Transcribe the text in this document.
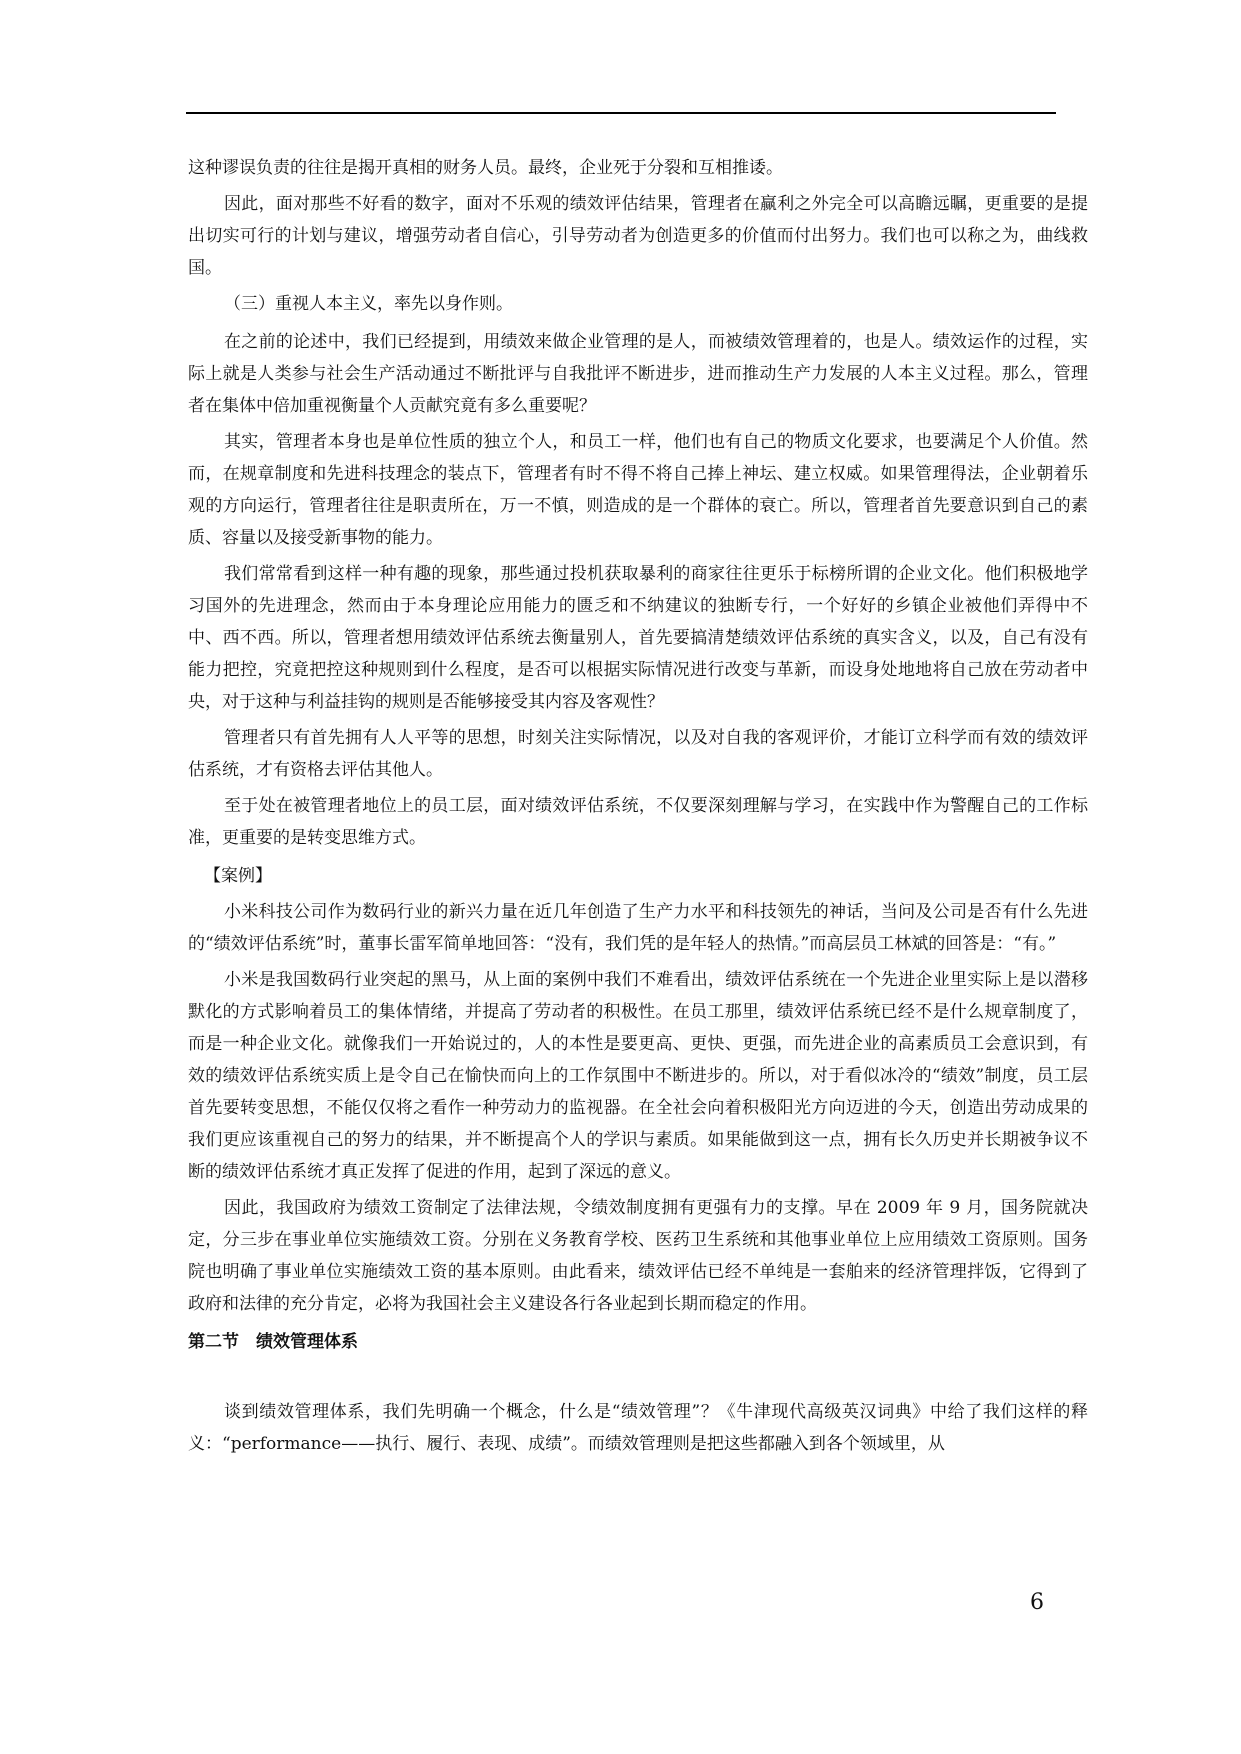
这种谬误负责的往往是揭开真相的财务人员。最终，企业死于分裂和互相推诿。

因此，面对那些不好看的数字，面对不乐观的绩效评估结果，管理者在赢利之外完全可以高瞻远瞩，更重要的是提出切实可行的计划与建议，增强劳动者自信心，引导劳动者为创造更多的价值而付出努力。我们也可以称之为，曲线救国。

（三）重视人本主义，率先以身作则。

在之前的论述中，我们已经提到，用绩效来做企业管理的是人，而被绩效管理着的，也是人。绩效运作的过程，实际上就是人类参与社会生产活动通过不断批评与自我批评不断进步，进而推动生产力发展的人本主义过程。那么，管理者在集体中倍加重视衡量个人贡献究竟有多么重要呢？

其实，管理者本身也是单位性质的独立个人，和员工一样，他们也有自己的物质文化要求，也要满足个人价值。然而，在规章制度和先进科技理念的装点下，管理者有时不得不将自己捧上神坛、建立权威。如果管理得法，企业朝着乐观的方向运行，管理者往往是职责所在，万一不慎，则造成的是一个群体的衰亡。所以，管理者首先要意识到自己的素质、容量以及接受新事物的能力。

我们常常看到这样一种有趣的现象，那些通过投机获取暴利的商家往往更乐于标榜所谓的企业文化。他们积极地学习国外的先进理念，然而由于本身理论应用能力的匮乏和不纳建议的独断专行，一个好好的乡镇企业被他们弄得中不中、西不西。所以，管理者想用绩效评估系统去衡量别人，首先要搞清楚绩效评估系统的真实含义，以及，自己有没有能力把控，究竟把控这种规则到什么程度，是否可以根据实际情况进行改变与革新，而设身处地地将自己放在劳动者中央，对于这种与利益挂钩的规则是否能够接受其内容及客观性？

管理者只有首先拥有人人平等的思想，时刻关注实际情况，以及对自我的客观评价，才能订立科学而有效的绩效评估系统，才有资格去评估其他人。

至于处在被管理者地位上的员工层，面对绩效评估系统，不仅要深刻理解与学习，在实践中作为警醒自己的工作标准，更重要的是转变思维方式。

【案例】

小米科技公司作为数码行业的新兴力量在近几年创造了生产力水平和科技领先的神话，当问及公司是否有什么先进的“绩效评估系统”时，董事长雷军简单地回答：“没有，我们凭的是年轻人的热情。”而高层员工林斌的回答是：“有。”

小米是我国数码行业突起的黑马，从上面的案例中我们不难看出，绩效评估系统在一个先进企业里实际上是以潜移默化的方式影响着员工的集体情绪，并提高了劳动者的积极性。在员工那里，绩效评估系统已经不是什么规章制度了，而是一种企业文化。就像我们一开始说过的，人的本性是要更高、更快、更强，而先进企业的高素质员工会意识到，有效的绩效评估系统实质上是令自己在愉快而向上的工作氛围中不断进步的。所以，对于看似冰冷的“绩效”制度，员工层首先要转变思想，不能仅仅将之看作一种劳动力的监视器。在全社会向着积极阳光方向迈进的今天，创造出劳动成果的我们更应该重视自己的努力的结果，并不断提高个人的学识与素质。如果能做到这一点，拥有长久历史并长期被争议不断的绩效评估系统才真正发挥了促进的作用，起到了深远的意义。

因此，我国政府为绩效工资制定了法律法规，令绩效制度拥有更强有力的支撑。早在 2009 年 9 月，国务院就决定，分三步在事业单位实施绩效工资。分别在义务教育学校、医药卫生系统和其他事业单位上应用绩效工资原则。国务院也明确了事业单位实施绩效工资的基本原则。由此看来，绩效评估已经不单纯是一套舶来的经济管理拌饭，它得到了政府和法律的充分肯定，必将为我国社会主义建设各行各业起到长期而稳定的作用。

第二节　绩效管理体系

谈到绩效管理体系，我们先明确一个概念，什么是“绩效管理”？《牛津现代高级英汉词典》中给了我们这样的释义：“performance——执行、履行、表现、成绩”。而绩效管理则是把这些都融入到各个领域里，从

6
